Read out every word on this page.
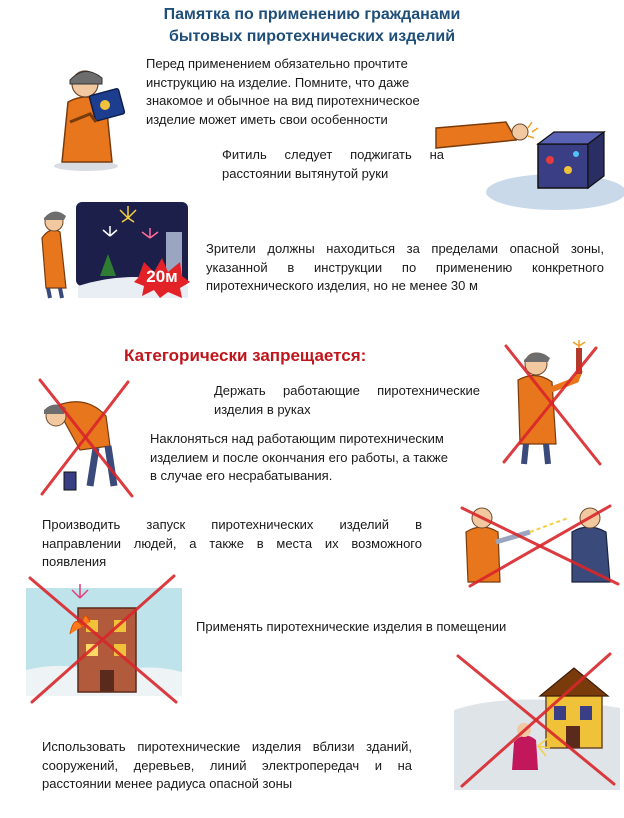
Памятка по применению гражданами
бытовых пиротехнических изделий
Перед применением обязательно прочтите инструкцию на изделие. Помните, что даже знакомое и обычное на вид пиротехническое изделие может иметь свои особенности
Фитиль следует поджигать на
расстоянии вытянутой руки
20м
Зрители должны находиться за пределами опасной зоны,
указанной в инструкции по применению конкретного
пиротехнического изделия, но не менее 30 м
Категорически запрещается:
Держать работающие пиротехнические
изделия в руках
Наклоняться над работающим пиротехническим
изделием и после окончания его работы, а также
в случае его несрабатывания.
Производить запуск пиротехнических изделий в
направлении людей, а также в места их возможного
появления
Применять пиротехнические изделия в помещении
Использовать пиротехнические изделия вблизи зданий,
сооружений, деревьев, линий электропередач и на
расстоянии менее радиуса опасной зоны
